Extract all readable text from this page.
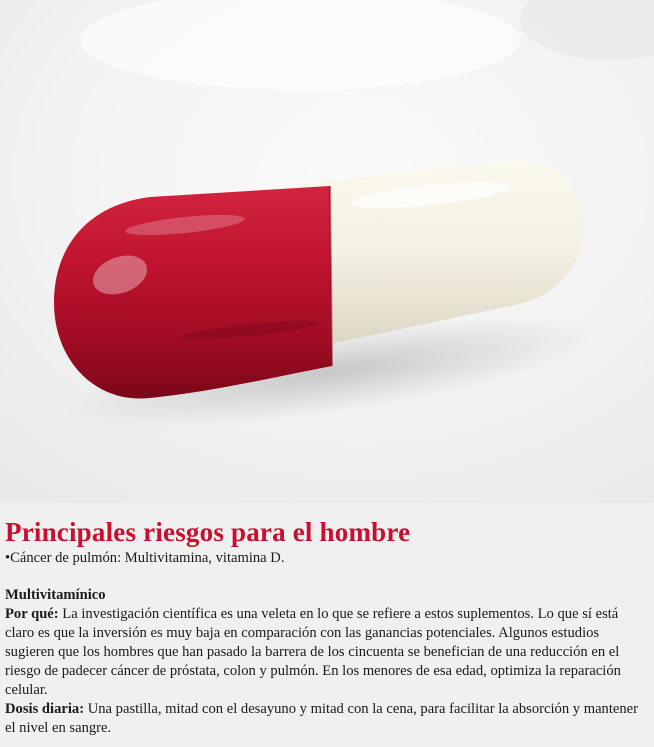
Principales riesgos para el hombre

•Cáncer de pulmón: Multivitamina, vitamina D.

Multivitamínico

Por qué: La investigación científica es una veleta en lo que se refiere a estos suplementos. Lo que sí está claro es que la inversión es muy baja en comparación con las ganancias potenciales. Algunos estudios sugieren que los hombres que han pasado la barrera de los cincuenta se benefician de una reducción en el riesgo de padecer cáncer de próstata, colon y pulmón. En los menores de esa edad, optimiza la reparación celular.

Dosis diaria: Una pastilla, mitad con el desayuno y mitad con la cena, para facilitar la absorción y mantener el nivel en sangre.
